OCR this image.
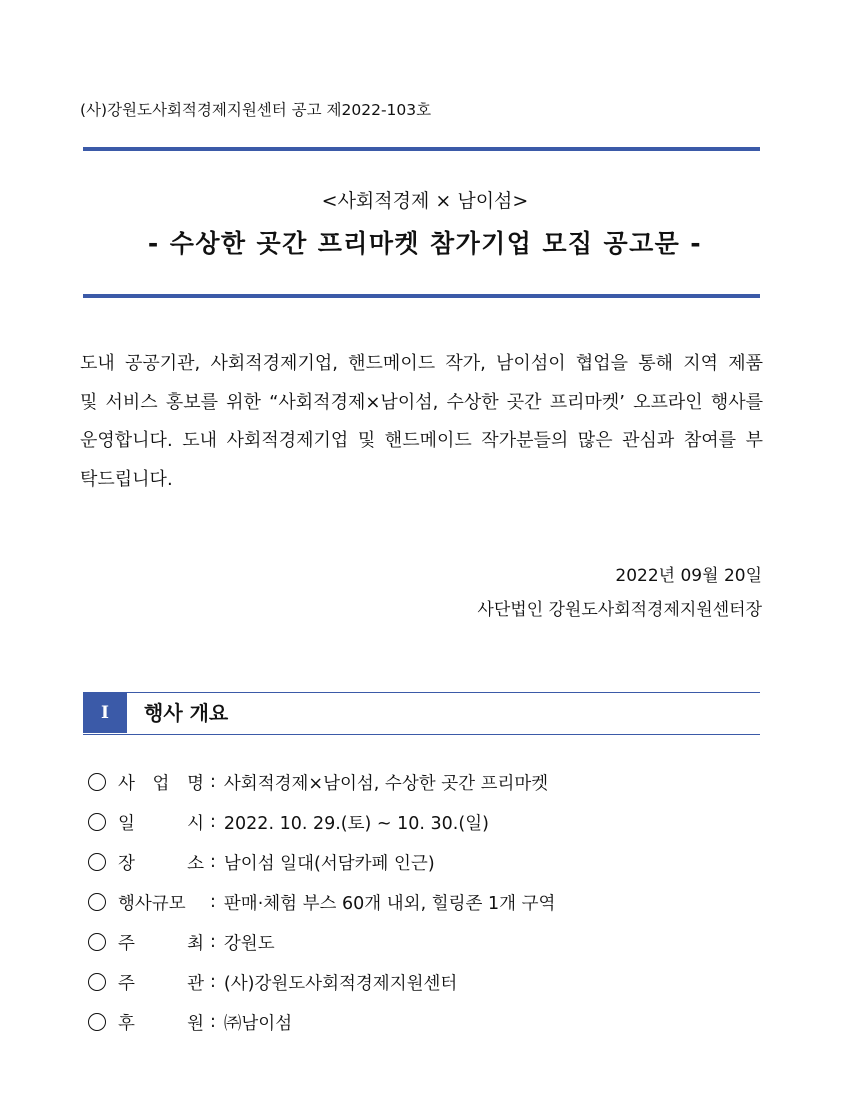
(사)강원도사회적경제지원센터 공고 제2022-103호
<사회적경제 × 남이섬>
- 수상한 곳간 프리마켓 참가기업 모집 공고문 -
도내 공공기관, 사회적경제기업, 핸드메이드 작가, 남이섬이 협업을 통해 지역 제품 및 서비스 홍보를 위한 “사회적경제×남이섬, 수상한 곳간 프리마켓’ 오프라인 행사를 운영합니다. 도내 사회적경제기업 및 핸드메이드 작가분들의 많은 관심과 참여를 부탁드립니다.
2022년 09월 20일
사단법인 강원도사회적경제지원센터장
I	행사 개요
사 업 명 : 사회적경제×남이섬, 수상한 곳간 프리마켓
일	시 : 2022. 10. 29.(토) ~ 10. 30.(일)
장	소 : 남이섬 일대(서담카페 인근)
행사규모 : 판매·체험 부스 60개 내외, 힐링존 1개 구역
주	최 : 강원도
주	관 : (사)강원도사회적경제지원센터
후	원 : ㈜남이섬
